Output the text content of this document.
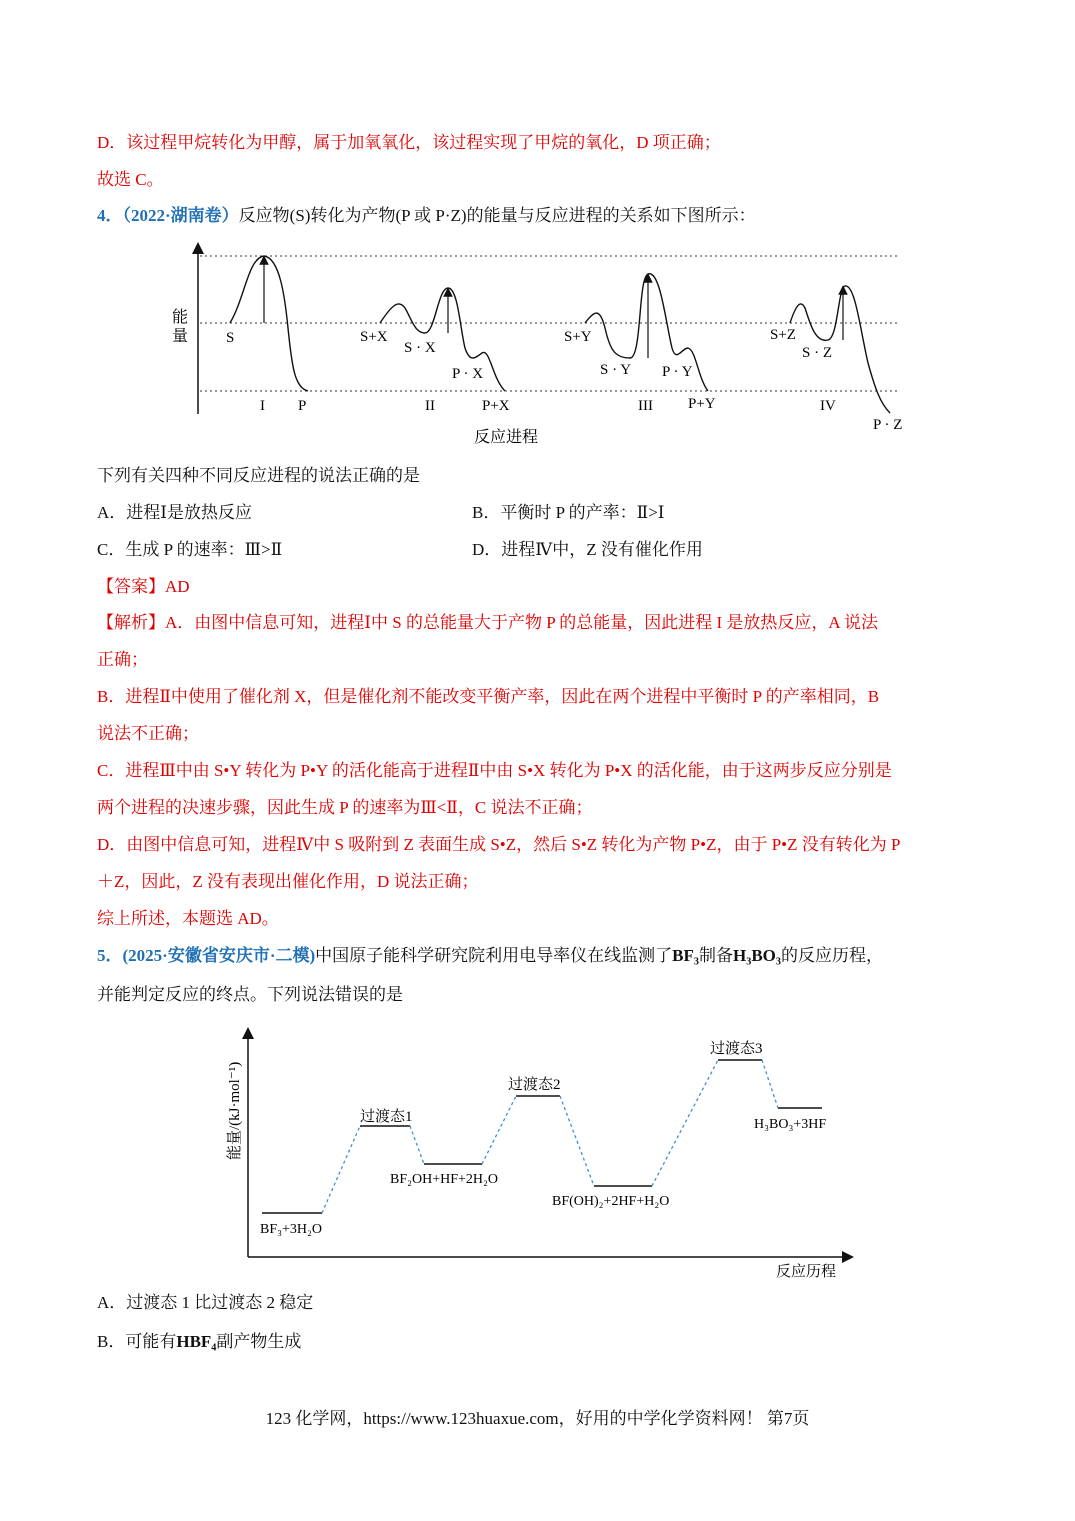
D．该过程甲烷转化为甲醇，属于加氧氧化，该过程实现了甲烷的氧化，D 项正确；
故选 C。
4．（2022·湖南卷）反应物(S)转化为产物(P 或 P·Z)的能量与反应进程的关系如下图所示：
能
量	S
I P
S+X
S · X
P · X
II	P+X
S+Y
S · Y P · Y
III P+Y
S+Z
S · Z
IV
P · Z
反应进程
下列有关四种不同反应进程的说法正确的是
A．进程Ⅰ是放热反应	B．平衡时 P 的产率：Ⅱ>Ⅰ
C．生成 P 的速率：Ⅲ>Ⅱ	D．进程Ⅳ中，Z 没有催化作用
【答案】AD
【解析】A．由图中信息可知，进程Ⅰ中 S 的总能量大于产物 P 的总能量，因此进程 I 是放热反应，A 说法
正确；
B．进程Ⅱ中使用了催化剂 X，但是催化剂不能改变平衡产率，因此在两个进程中平衡时 P 的产率相同，B
说法不正确；
C．进程Ⅲ中由 S•Y 转化为 P•Y 的活化能高于进程Ⅱ中由 S•X 转化为 P•X 的活化能，由于这两步反应分别是
两个进程的决速步骤，因此生成 P 的速率为Ⅲ<Ⅱ，C 说法不正确；
D．由图中信息可知，进程Ⅳ中 S 吸附到 Z 表面生成 S•Z，然后 S•Z 转化为产物 P•Z，由于 P•Z 没有转化为 P
＋Z，因此，Z 没有表现出催化作用，D 说法正确；
综上所述，本题选 AD。
5．(2025·安徽省安庆市·二模)中国原子能科学研究院利用电导率仪在线监测了BF₃制备H₃BO₃的反应历程，
并能判定反应的终点。下列说法错误的是
能量/(kJ·mol⁻¹)
反应历程
BF₃+3H₂O
过渡态1
BF₂OH+HF+2H₂O
过渡态2
BF(OH)₂+2HF+H₂O
过渡态3
H₃BO₃+3HF
A．过渡态 1 比过渡态 2 稳定
B．可能有HBF₄副产物生成
123 化学网，https://www.123huaxue.com，好用的中学化学资料网！ 第7页
